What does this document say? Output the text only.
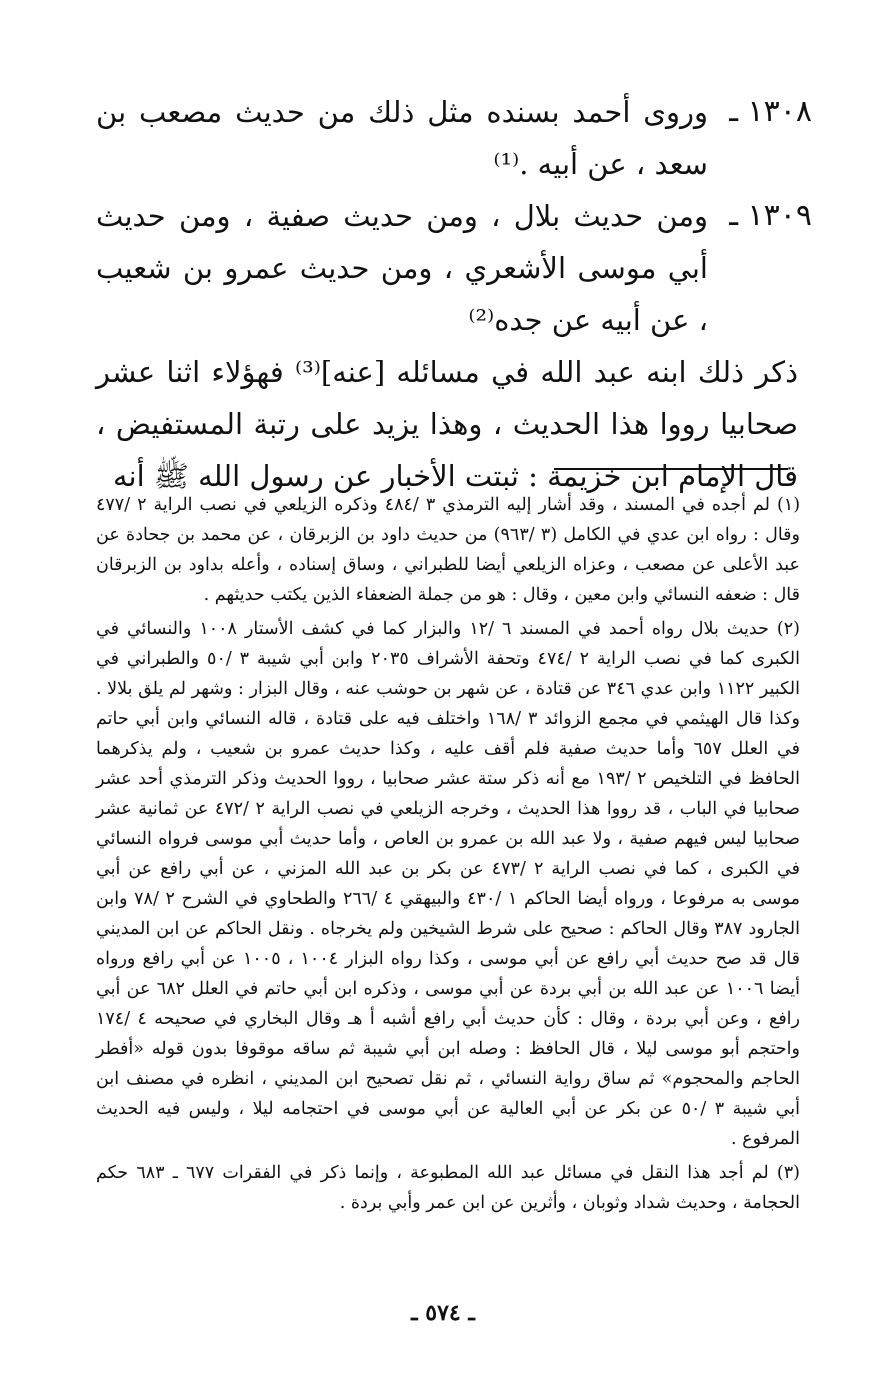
١٣٠٨ ـ
وروى أحمد بسنده مثل ذلك من حديث مصعب بن سعد ، عن أبيه .⁽¹⁾
١٣٠٩ ـ
ومن حديث بلال ، ومن حديث صفية ، ومن حديث أبي موسى الأشعري ، ومن حديث عمرو بن شعيب ، عن أبيه عن جده⁽²⁾
ذكر ذلك ابنه عبد الله في مسائله [عنه]⁽³⁾ فهؤلاء اثنا عشر صحابيا رووا هذا الحديث ، وهذا يزيد على رتبة المستفيض ، قال الإمام ابن خزيمة : ثبتت الأخبار عن رسول الله ﷺ أنه

(١) لم أجده في المسند ، وقد أشار إليه الترمذي ٣ /٤٨٤ وذكره الزيلعي في نصب الراية ٢ /٤٧٧ وقال : رواه ابن عدي في الكامل (٣ /٩٦٣) من حديث داود بن الزبرقان ، عن محمد بن جحادة عن عبد الأعلى عن مصعب ، وعزاه الزيلعي أيضا للطبراني ، وساق إسناده ، وأعله بداود بن الزبرقان قال : ضعفه النسائي وابن معين ، وقال : هو من جملة الضعفاء الذين يكتب حديثهم .

(٢) حديث بلال رواه أحمد في المسند ٦ /١٢ والبزار كما في كشف الأستار ١٠٠٨ والنسائي في الكبرى كما في نصب الراية ٢ /٤٧٤ وتحفة الأشراف ٢٠٣٥ وابن أبي شيبة ٣ /٥٠ والطبراني في الكبير ١١٢٢ وابن عدي ٣٤٦ عن قتادة ، عن شهر بن حوشب عنه ، وقال البزار : وشهر لم يلق بلالا . وكذا قال الهيثمي في مجمع الزوائد ٣ /١٦٨ واختلف فيه على قتادة ، قاله النسائي وابن أبي حاتم في العلل ٦٥٧ وأما حديث صفية فلم أقف عليه ، وكذا حديث عمرو بن شعيب ، ولم يذكرهما الحافظ في التلخيص ٢ /١٩٣ مع أنه ذكر ستة عشر صحابيا ، رووا الحديث وذكر الترمذي أحد عشر صحابيا في الباب ، قد رووا هذا الحديث ، وخرجه الزيلعي في نصب الراية ٢ /٤٧٢ عن ثمانية عشر صحابيا ليس فيهم صفية ، ولا عبد الله بن عمرو بن العاص ، وأما حديث أبي موسى فرواه النسائي في الكبرى ، كما في نصب الراية ٢ /٤٧٣ عن بكر بن عبد الله المزني ، عن أبي رافع عن أبي موسى به مرفوعا ، ورواه أيضا الحاكم ١ /٤٣٠ والبيهقي ٤ /٢٦٦ والطحاوي في الشرح ٢ /٧٨ وابن الجارود ٣٨٧ وقال الحاكم : صحيح على شرط الشيخين ولم يخرجاه . ونقل الحاكم عن ابن المديني قال قد صح حديث أبي رافع عن أبي موسى ، وكذا رواه البزار ١٠٠٤ ، ١٠٠٥ عن أبي رافع ورواه أيضا ١٠٠٦ عن عبد الله بن أبي بردة عن أبي موسى ، وذكره ابن أبي حاتم في العلل ٦٨٢ عن أبي رافع ، وعن أبي بردة ، وقال : كأن حديث أبي رافع أشبه أ هـ وقال البخاري في صحيحه ٤ /١٧٤ واحتجم أبو موسى ليلا ، قال الحافظ : وصله ابن أبي شيبة ثم ساقه موقوفا بدون قوله «أفطر الحاجم والمحجوم» ثم ساق رواية النسائي ، ثم نقل تصحيح ابن المديني ، انظره في مصنف ابن أبي شيبة ٣ /٥٠ عن بكر عن أبي العالية عن أبي موسى في احتجامه ليلا ، وليس فيه الحديث المرفوع .

(٣) لم أجد هذا النقل في مسائل عبد الله المطبوعة ، وإنما ذكر في الفقرات ٦٧٧ ـ ٦٨٣ حكم الحجامة ، وحديث شداد وثوبان ، وأثرين عن ابن عمر وأبي بردة .

ـ ٥٧٤ ـ
